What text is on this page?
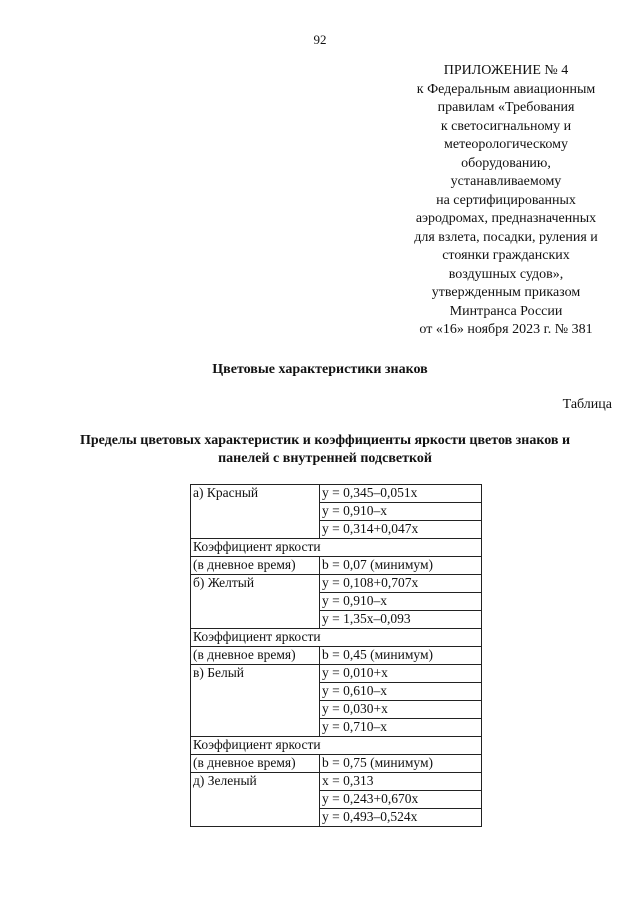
92
ПРИЛОЖЕНИЕ № 4
к Федеральным авиационным
правилам «Требования
к светосигнальному и
метеорологическому
оборудованию,
устанавливаемому
на сертифицированных
аэродромах, предназначенных
для взлета, посадки, руления и
стоянки гражданских
воздушных судов»,
утвержденным приказом
Минтранса России
от «16» ноября 2023 г. № 381
Цветовые характеристики знаков
Таблица
Пределы цветовых характеристик и коэффициенты яркости цветов знаков и
панелей с внутренней подсветкой
а) Красный	y = 0,345–0,051x
	y = 0,910–x
	y = 0,314+0,047x
Коэффициент яркости	
(в дневное время)	b = 0,07 (минимум)
б) Желтый	y = 0,108+0,707x
	y = 0,910–x
	y = 1,35x–0,093
Коэффициент яркости	
(в дневное время)	b = 0,45 (минимум)
в) Белый	y = 0,010+x
	y = 0,610–x
	y = 0,030+x
	y = 0,710–x
Коэффициент яркости	
(в дневное время)	b = 0,75 (минимум)
д) Зеленый	x = 0,313
	y = 0,243+0,670x
	y = 0,493–0,524x
